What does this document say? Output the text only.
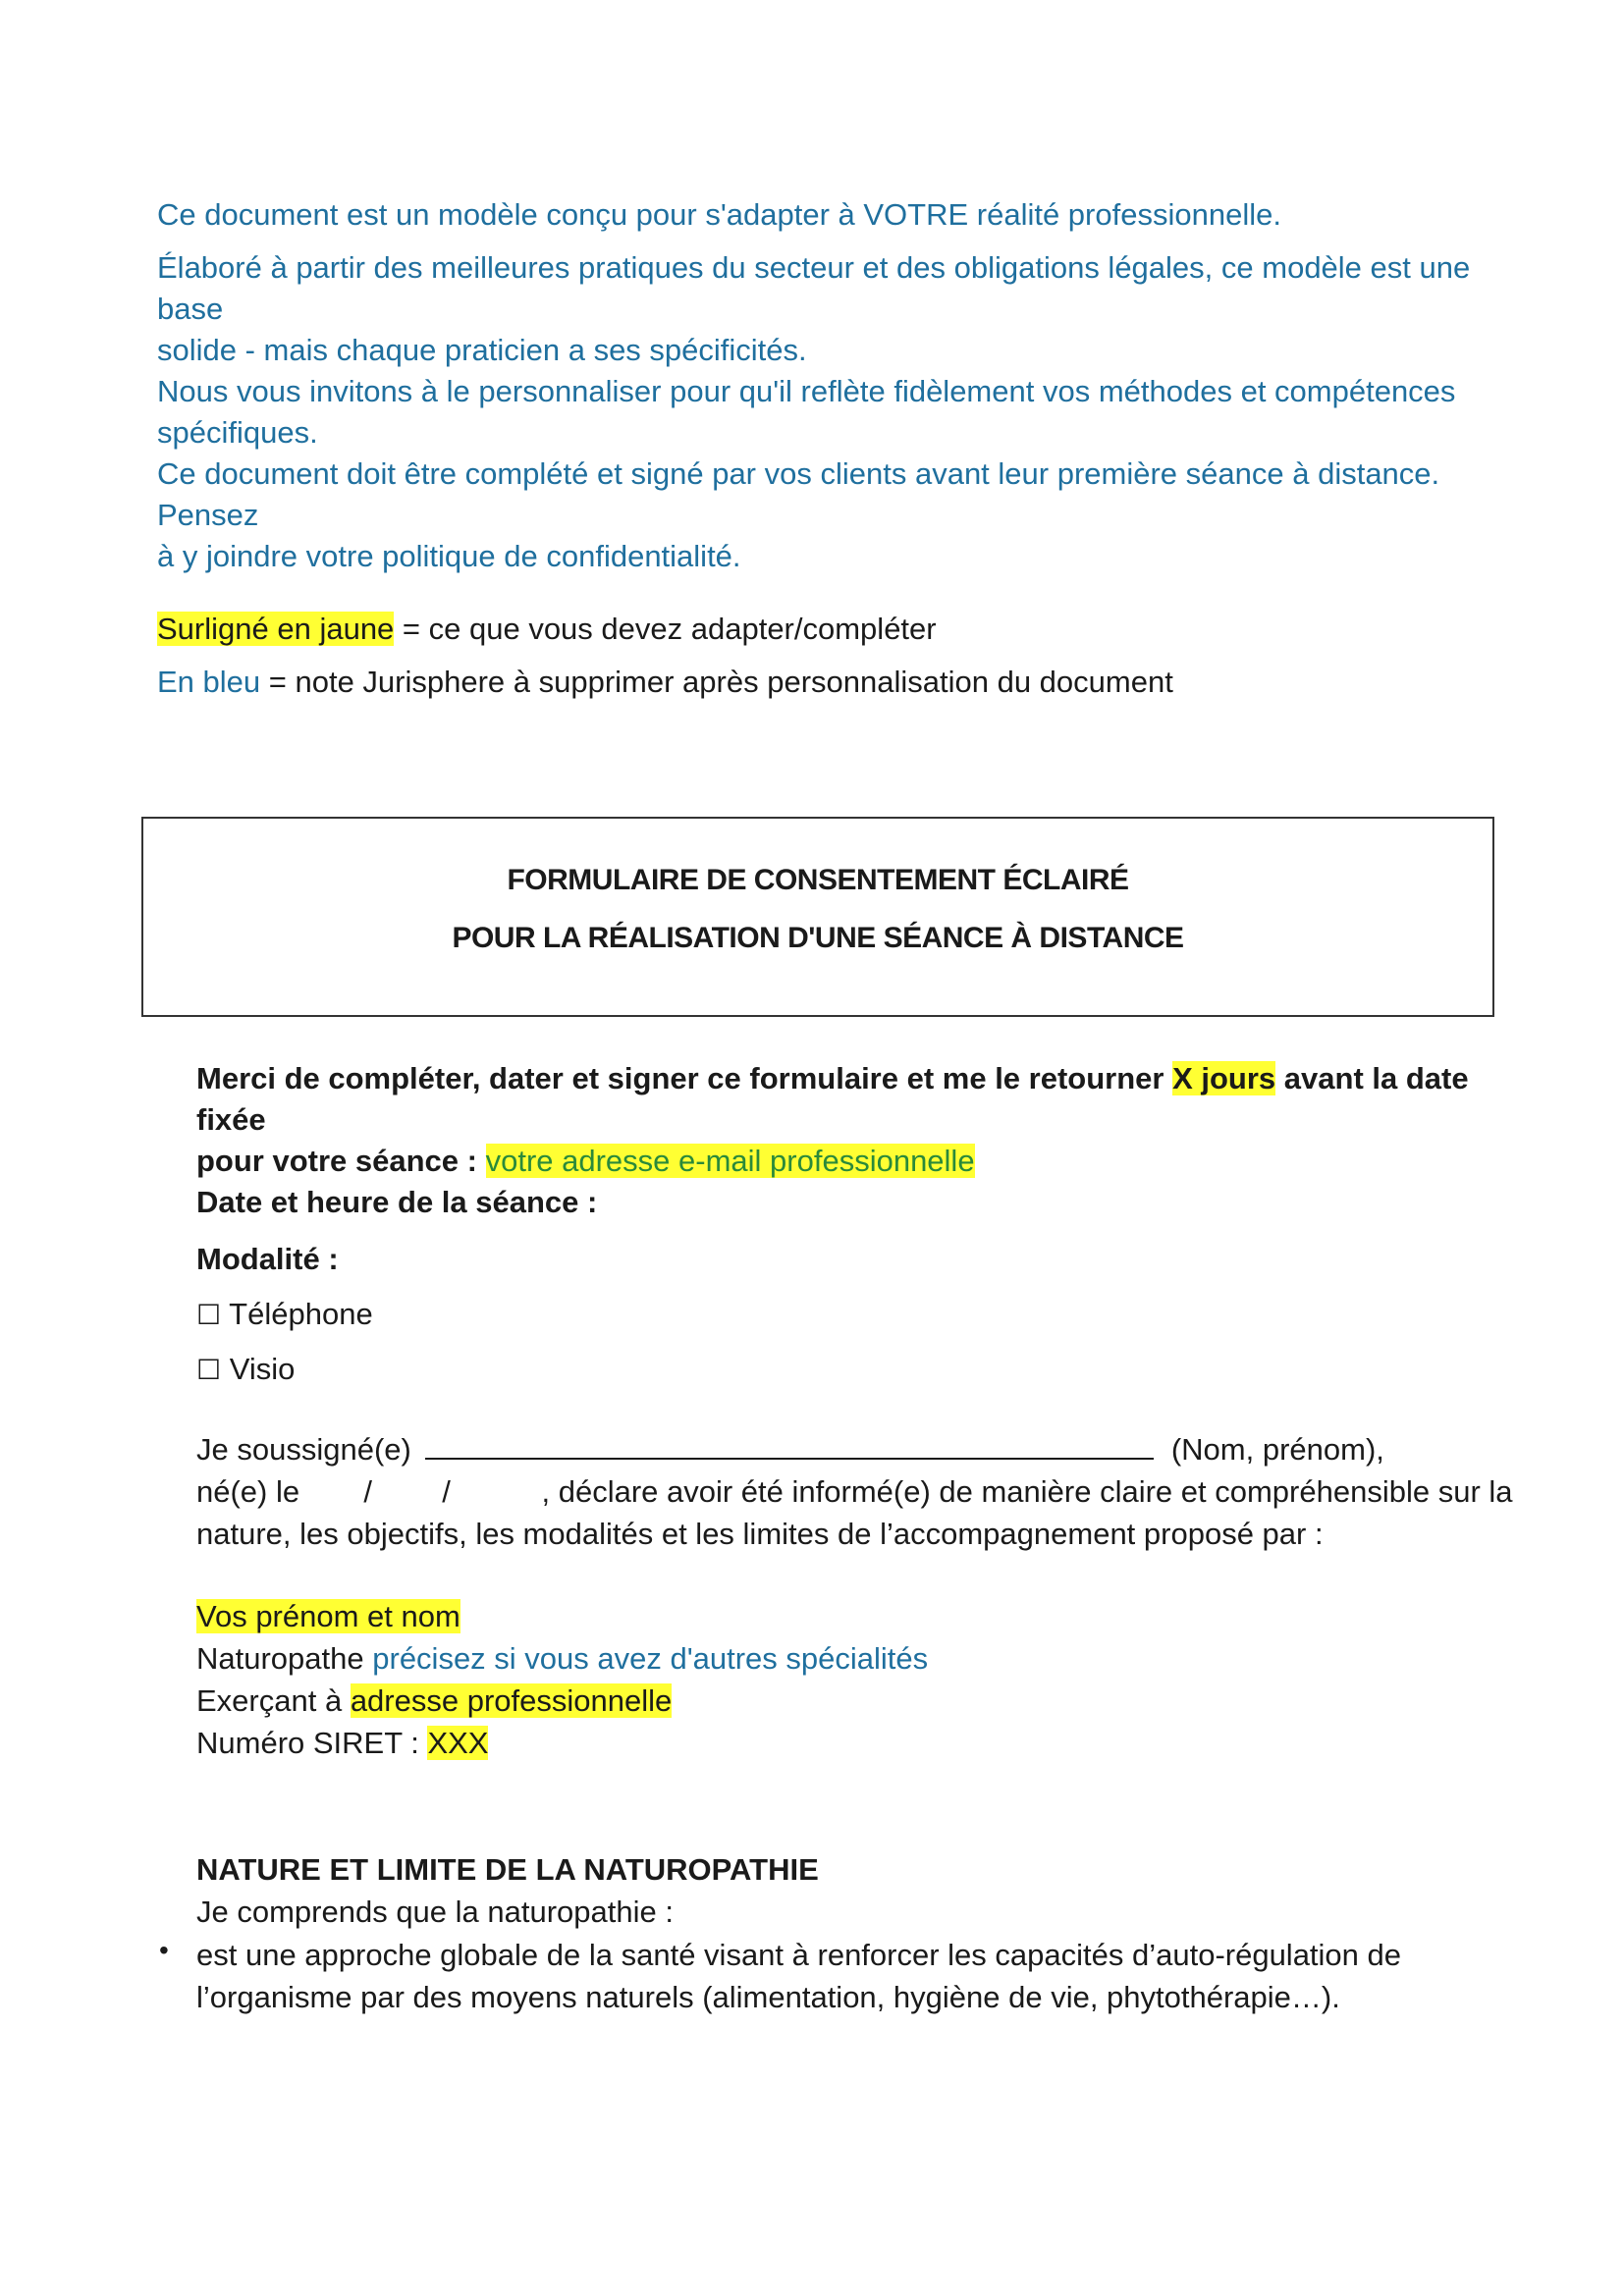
Ce document est un modèle conçu pour s'adapter à VOTRE réalité professionnelle.

Élaboré à partir des meilleures pratiques du secteur et des obligations légales, ce modèle est une base

solide - mais chaque praticien a ses spécificités.

Nous vous invitons à le personnaliser pour qu'il reflète fidèlement vos méthodes et compétences

spécifiques.

Ce document doit être complété et signé par vos clients avant leur première séance à distance. Pensez

à y joindre votre politique de confidentialité.

Surligné en jaune = ce que vous devez adapter/compléter
En bleu = note Jurisphere à supprimer après personnalisation du document
FORMULAIRE DE CONSENTEMENT ÉCLAIRÉ
POUR LA RÉALISATION D'UNE SÉANCE À DISTANCE
Merci de compléter, dater et signer ce formulaire et me le retourner X jours avant la date fixée
pour votre séance : votre adresse e-mail professionnelle
Date et heure de la séance :
Modalité :
☐ Téléphone
☐ Visio
Je soussigné(e)	(Nom, prénom),
né(e) le / /	, déclare avoir été informé(e) de manière claire et compréhensible sur la
nature, les objectifs, les modalités et les limites de l’accompagnement proposé par :
Vos prénom et nom
Naturopathe précisez si vous avez d'autres spécialités
Exerçant à adresse professionnelle
Numéro SIRET : XXX
NATURE ET LIMITE DE LA NATUROPATHIE
Je comprends que la naturopathie :
• est une approche globale de la santé visant à renforcer les capacités d’auto-régulation de
l’organisme par des moyens naturels (alimentation, hygiène de vie, phytothérapie…).
